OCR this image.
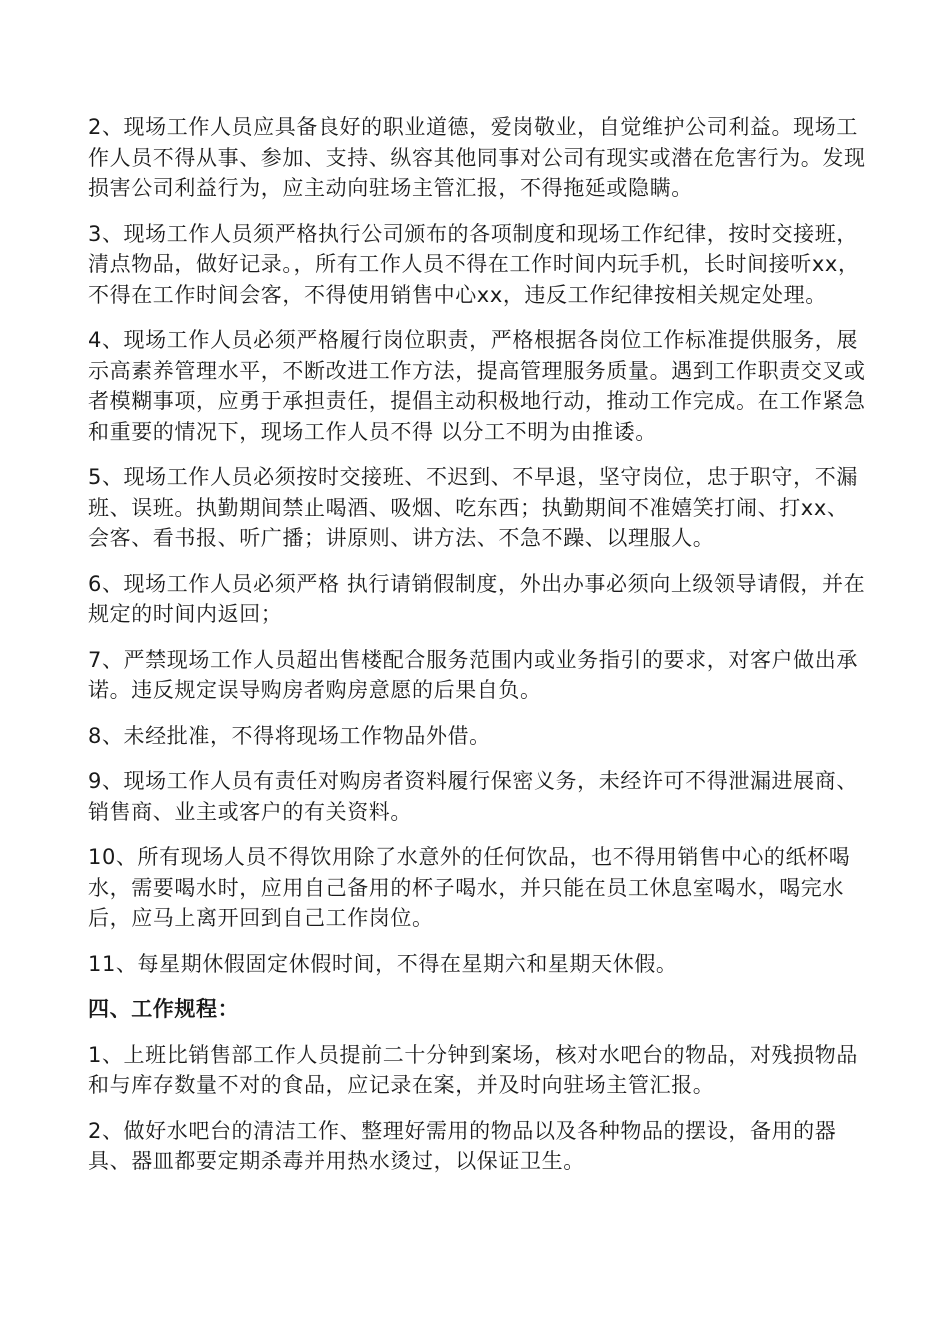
2、现场工作人员应具备良好的职业道德，爱岗敬业，自觉维护公司利益。现场工作人员不得从事、参加、支持、纵容其他同事对公司有现实或潜在危害行为。发现损害公司利益行为，应主动向驻场主管汇报，不得拖延或隐瞒。

3、现场工作人员须严格执行公司颁布的各项制度和现场工作纪律，按时交接班，清点物品，做好记录。，所有工作人员不得在工作时间内玩手机，长时间接听xx，不得在工作时间会客，不得使用销售中心xx，违反工作纪律按相关规定处理。

4、现场工作人员必须严格履行岗位职责，严格根据各岗位工作标准提供服务，展示高素养管理水平，不断改进工作方法，提高管理服务质量。遇到工作职责交叉或者模糊事项，应勇于承担责任，提倡主动积极地行动，推动工作完成。在工作紧急和重要的情况下，现场工作人员不得 以分工不明为由推诿。

5、现场工作人员必须按时交接班、不迟到、不早退，坚守岗位，忠于职守，不漏班、误班。执勤期间禁止喝酒、吸烟、吃东西；执勤期间不准嬉笑打闹、打xx、会客、看书报、听广播；讲原则、讲方法、不急不躁、以理服人。

6、现场工作人员必须严格 执行请销假制度，外出办事必须向上级领导请假，并在规定的时间内返回；

7、严禁现场工作人员超出售楼配合服务范围内或业务指引的要求，对客户做出承诺。违反规定误导购房者购房意愿的后果自负。

8、未经批准，不得将现场工作物品外借。

9、现场工作人员有责任对购房者资料履行保密义务，未经许可不得泄漏进展商、销售商、业主或客户的有关资料。

10、所有现场人员不得饮用除了水意外的任何饮品，也不得用销售中心的纸杯喝水，需要喝水时，应用自己备用的杯子喝水，并只能在员工休息室喝水，喝完水后，应马上离开回到自己工作岗位。

11、每星期休假固定休假时间，不得在星期六和星期天休假。

四、工作规程：

1、上班比销售部工作人员提前二十分钟到案场，核对水吧台的物品，对残损物品和与库存数量不对的食品，应记录在案，并及时向驻场主管汇报。

2、做好水吧台的清洁工作、整理好需用的物品以及各种物品的摆设，备用的器具、器皿都要定期杀毒并用热水烫过，以保证卫生。
